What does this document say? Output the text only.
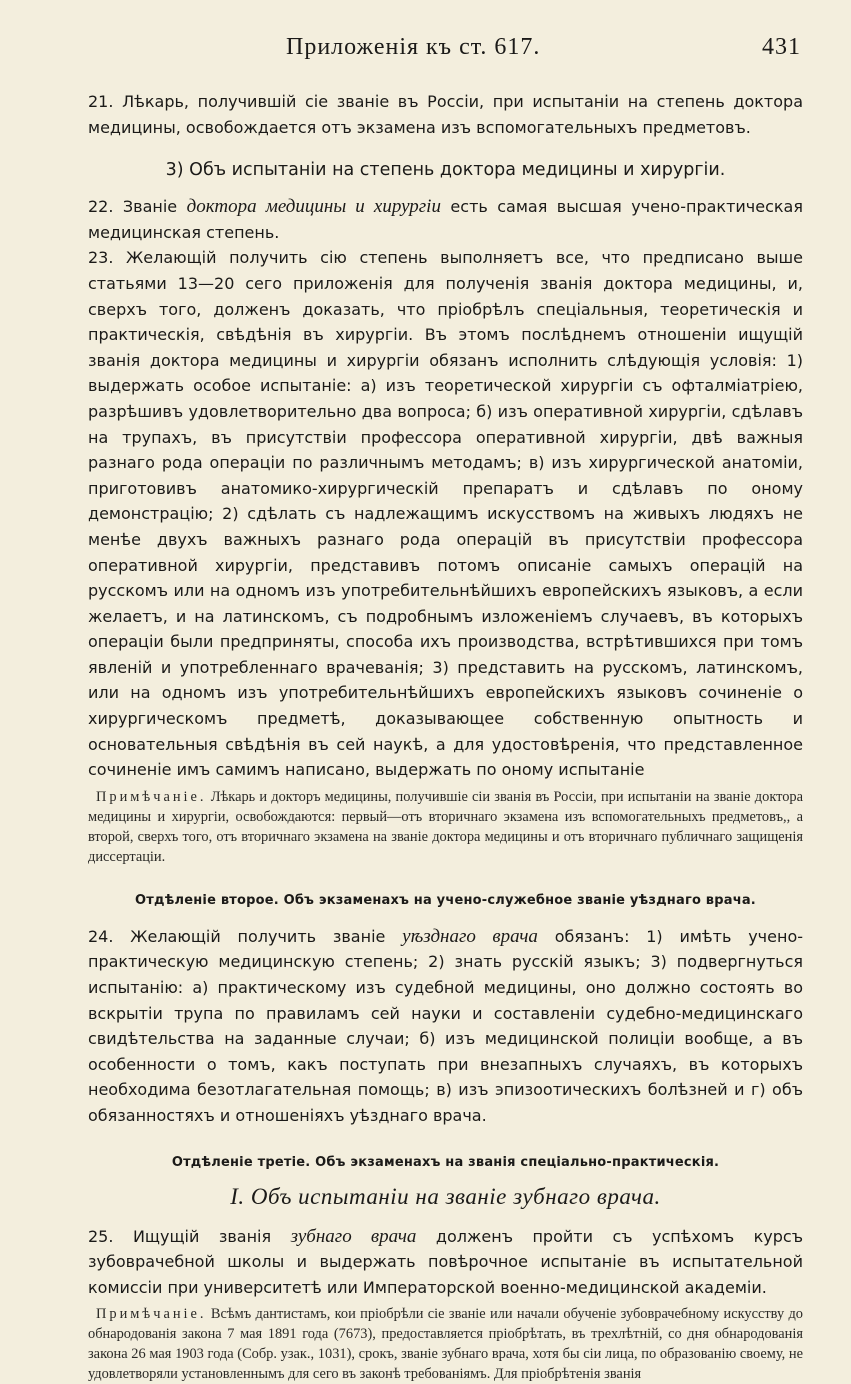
Приложенія къ ст. 617.	431

21. Лѣкарь, получившій сіе званіе въ Россіи, при испытаніи на степень доктора медицины, освобождается отъ экзамена изъ вспомогательныхъ предметовъ.

3) Объ испытаніи на степень доктора медицины и хирургіи.

22. Званіе доктора медицины и хирургіи есть самая высшая учено-практическая медицинская степень.

23. Желающій получить сію степень выполняетъ все, что предписано выше статьями 13—20 сего приложенія для полученія званія доктора медицины, и, сверхъ того, долженъ доказать, что пріобрѣлъ спеціальныя, теоретическія и практическія, свѣдѣнія въ хирургіи. Въ этомъ послѣднемъ отношеніи ищущій званія доктора медицины и хирургіи обязанъ исполнить слѣдующія условія: 1) выдержать особое испытаніе: а) изъ теоретической хирургіи съ офталміатріею, разрѣшивъ удовлетворительно два вопроса; б) изъ оперативной хирургіи, сдѣлавъ на трупахъ, въ присутствіи профессора оперативной хирургіи, двѣ важныя разнаго рода операціи по различнымъ методамъ; в) изъ хирургической анатоміи, приготовивъ анатомико-хирургическій препаратъ и сдѣлавъ по оному демонстрацію; 2) сдѣлать съ надлежащимъ искусствомъ на живыхъ людяхъ не менѣе двухъ важныхъ разнаго рода операцій въ присутствіи профессора оперативной хирургіи, представивъ потомъ описаніе самыхъ операцій на русскомъ или на одномъ изъ употребительнѣйшихъ европейскихъ языковъ, а если желаетъ, и на латинскомъ, съ подробнымъ изложеніемъ случаевъ, въ которыхъ операціи были предприняты, способа ихъ производства, встрѣтившихся при томъ явленій и употребленнаго врачеванія; 3) представить на русскомъ, латинскомъ, или на одномъ изъ употребительнѣйшихъ европейскихъ языковъ сочиненіе о хирургическомъ предметѣ, доказывающее собственную опытность и основательныя свѣдѣнія въ сей наукѣ, а для удостовѣренія, что представленное сочиненіе имъ самимъ написано, выдержать по оному испытаніе

Примѣчаніе. Лѣкарь и докторъ медицины, получившіе сіи званія въ Россіи, при испытаніи на званіе доктора медицины и хирургіи, освобождаются: первый—отъ вторичнаго экзамена изъ вспомогательныхъ предметовъ,, а второй, сверхъ того, отъ вторичнаго экзамена на званіе доктора медицины и отъ вторичнаго публичнаго защищенія диссертаціи.

Отдѣленіе второе. Объ экзаменахъ на учено-служебное званіе уѣзднаго врача.

24. Желающій получить званіе уѣзднаго врача обязанъ: 1) имѣть учено-практическую медицинскую степень; 2) знать русскій языкъ; 3) подвергнуться испытанію: а) практическому изъ судебной медицины, оно должно состоять во вскрытіи трупа по правиламъ сей науки и составленіи судебно-медицинскаго свидѣтельства на заданные случаи; б) изъ медицинской полиціи вообще, а въ особенности о томъ, какъ поступать при внезапныхъ случаяхъ, въ которыхъ необходима безотлагательная помощь; в) изъ эпизоотическихъ болѣзней и г) объ обязанностяхъ и отношеніяхъ уѣзднаго врача.

Отдѣленіе третіе. Объ экзаменахъ на званія спеціально-практическія.

I. Объ испытаніи на званіе зубнаго врача.

25. Ищущій званія зубнаго врача долженъ пройти съ успѣхомъ курсъ зубоврачебной школы и выдержать повѣрочное испытаніе въ испытательной комиссіи при университетѣ или Императорской военно-медицинской академіи.

Примѣчаніе. Всѣмъ дантистамъ, кои пріобрѣли сіе званіе или начали обученіе зубоврачебному искусству до обнародованія закона 7 мая 1891 года (7673), предоставляется пріобрѣтать, въ трехлѣтній, со дня обнародованія закона 26 мая 1903 года (Собр. узак., 1031), срокъ, званіе зубнаго врача, хотя бы сіи лица, по образованію своему, не удовлетворяли установленнымъ для сего въ законѣ требованіямъ. Для пріобрѣтенія званія
